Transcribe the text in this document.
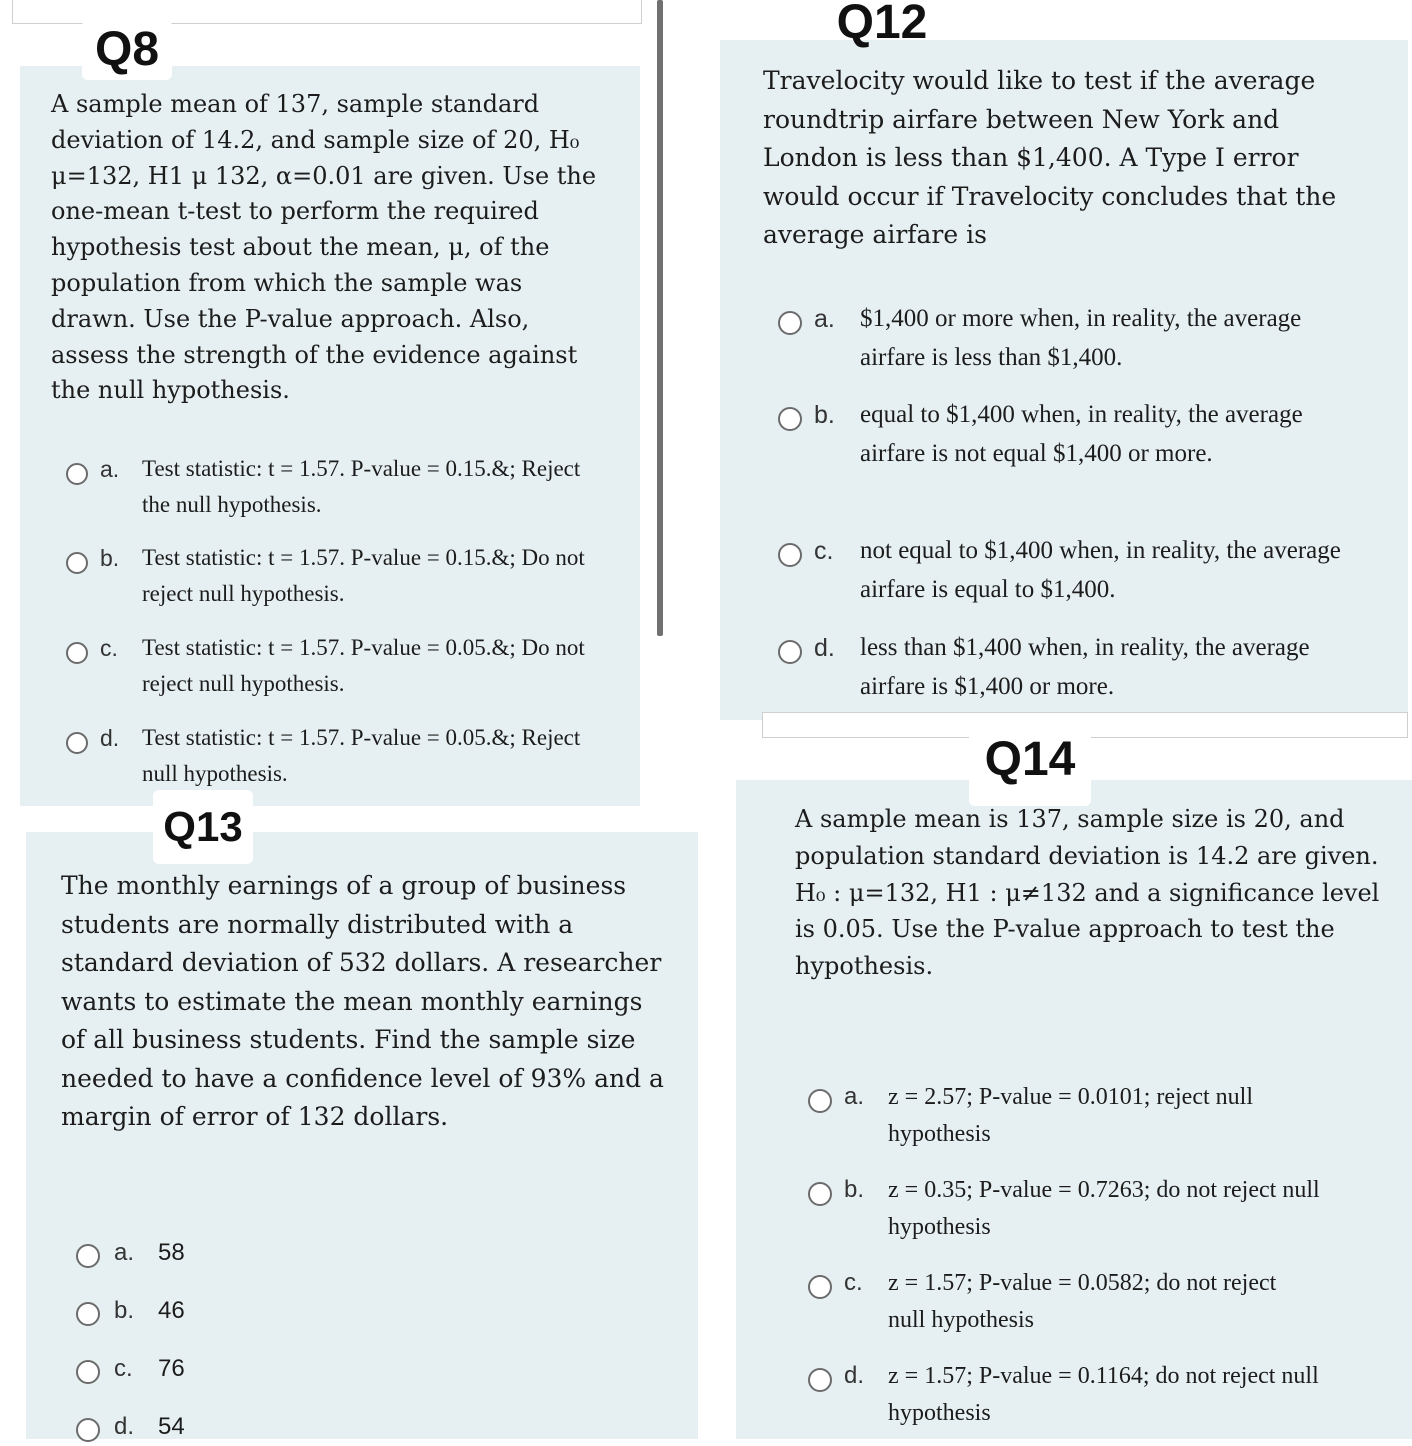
Q8
A sample mean of 137, sample standard deviation of 14.2, and sample size of 20, H₀ μ=132, H1 μ 132, α=0.01 are given. Use the one-mean t-test to perform the required hypothesis test about the mean, μ, of the population from which the sample was drawn. Use the P-value approach. Also, assess the strength of the evidence against the null hypothesis.
a. Test statistic: t = 1.57. P-value = 0.15.&; Reject the null hypothesis.
b. Test statistic: t = 1.57. P-value = 0.15.&; Do not reject null hypothesis.
c.	Test statistic: t = 1.57. P-value = 0.05.&; Do not reject null hypothesis.
d. Test statistic: t = 1.57. P-value = 0.05.&; Reject null hypothesis.
Q12
Travelocity would like to test if the average roundtrip airfare between New York and London is less than $1,400. A Type I error would occur if Travelocity concludes that the average airfare is
a.	$1,400 or more when, in reality, the average airfare is less than $1,400.
b.	equal to $1,400 when, in reality, the average airfare is not equal $1,400 or more.
c.	not equal to $1,400 when, in reality, the average airfare is equal to $1,400.
d.	less than $1,400 when, in reality, the average airfare is $1,400 or more.
Q13
The monthly earnings of a group of business students are normally distributed with a standard deviation of 532 dollars. A researcher wants to estimate the mean monthly earnings of all business students. Find the sample size needed to have a confidence level of 93% and a margin of error of 132 dollars.
a. 58
b. 46
c.	76
d. 54
Q14
A sample mean is 137, sample size is 20, and population standard deviation is 14.2 are given. H₀ : μ=132, H1 : μ≠132 and a significance level is 0.05. Use the P-value approach to test the hypothesis.
a. z = 2.57; P-value = 0.0101; reject null hypothesis
b. z = 0.35; P-value = 0.7263; do not reject null hypothesis
c.	z = 1.57; P-value = 0.0582; do not reject null hypothesis
d. z = 1.57; P-value = 0.1164; do not reject null hypothesis
